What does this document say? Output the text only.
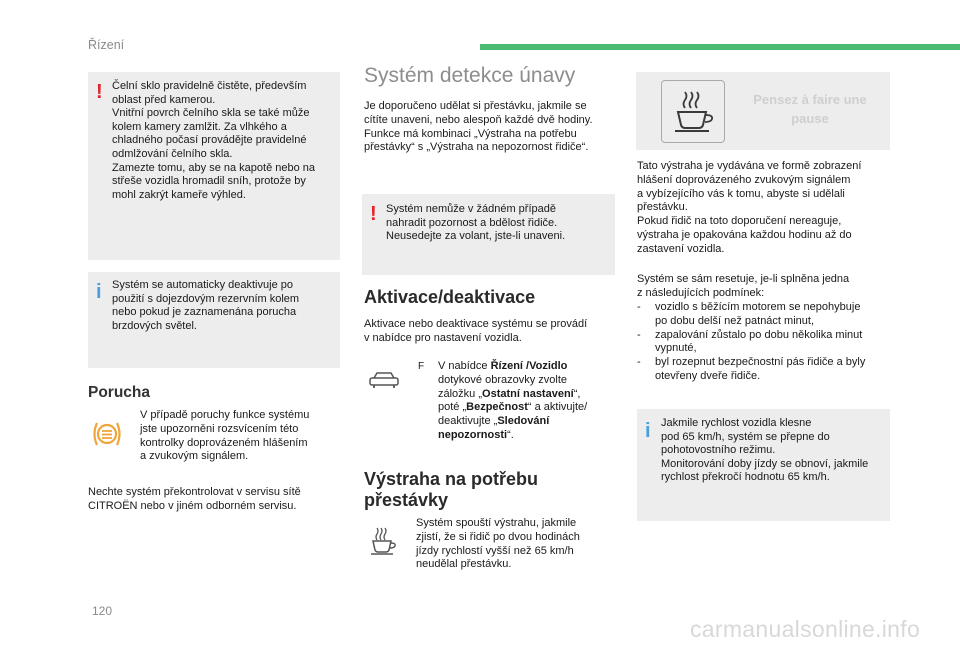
Řízení
! Čelní sklo pravidelně čistěte, především
oblast před kamerou.
Vnitřní povrch čelního skla se také může
kolem kamery zamlžit. Za vlhkého a
chladného počasí provádějte pravidelné
odmlžování čelního skla.
Zamezte tomu, aby se na kapotě nebo na
střeše vozidla hromadil sníh, protože by
mohl zakrýt kameře výhled.
i Systém se automaticky deaktivuje po
použití s dojezdovým rezervním kolem
nebo pokud je zaznamenána porucha
brzdových světel.
Porucha
V případě poruchy funkce systému
jste upozorněni rozsvícením této
kontrolky doprovázeném hlášením
a zvukovým signálem.
Nechte systém překontrolovat v servisu sítě
CITROËN nebo v jiném odborném servisu.
Systém detekce únavy
Je doporučeno udělat si přestávku, jakmile se
cítíte unaveni, nebo alespoň každé dvě hodiny.
Funkce má kombinaci „Výstraha na potřebu
přestávky“ s „Výstraha na nepozornost řidiče“.
! Systém nemůže v žádném případě
nahradit pozornost a bdělost řidiče.
Neusedejte za volant, jste-li unaveni.
Aktivace/deaktivace
Aktivace nebo deaktivace systému se provádí
v nabídce pro nastavení vozidla.
F V nabídce Řízení /Vozidlo
dotykové obrazovky zvolte
záložku „Ostatní nastavení“,
poté „Bezpečnost“ a aktivujte/
deaktivujte „Sledování
nepozornosti“.
Výstraha na potřebu
přestávky
Systém spouští výstrahu, jakmile
zjistí, že si řidič po dvou hodinách
jízdy rychlostí vyšší než 65 km/h
neudělal přestávku.
Pensez à faire une
pause
Tato výstraha je vydávána ve formě zobrazení
hlášení doprovázeného zvukovým signálem
a vybízejícího vás k tomu, abyste si udělali
přestávku.
Pokud řidič na toto doporučení nereaguje,
výstraha je opakována každou hodinu až do
zastavení vozidla.
Systém se sám resetuje, je-li splněna jedna
z následujících podmínek:
- vozidlo s běžícím motorem se nepohybuje
po dobu delší než patnáct minut,
- zapalování zůstalo po dobu několika minut
vypnuté,
- byl rozepnut bezpečnostní pás řidiče a byly
otevřeny dveře řidiče.
i Jakmile rychlost vozidla klesne
pod 65 km/h, systém se přepne do
pohotovostního režimu.
Monitorování doby jízdy se obnoví, jakmile
rychlost překročí hodnotu 65 km/h.
120
carmanualsonline.info
